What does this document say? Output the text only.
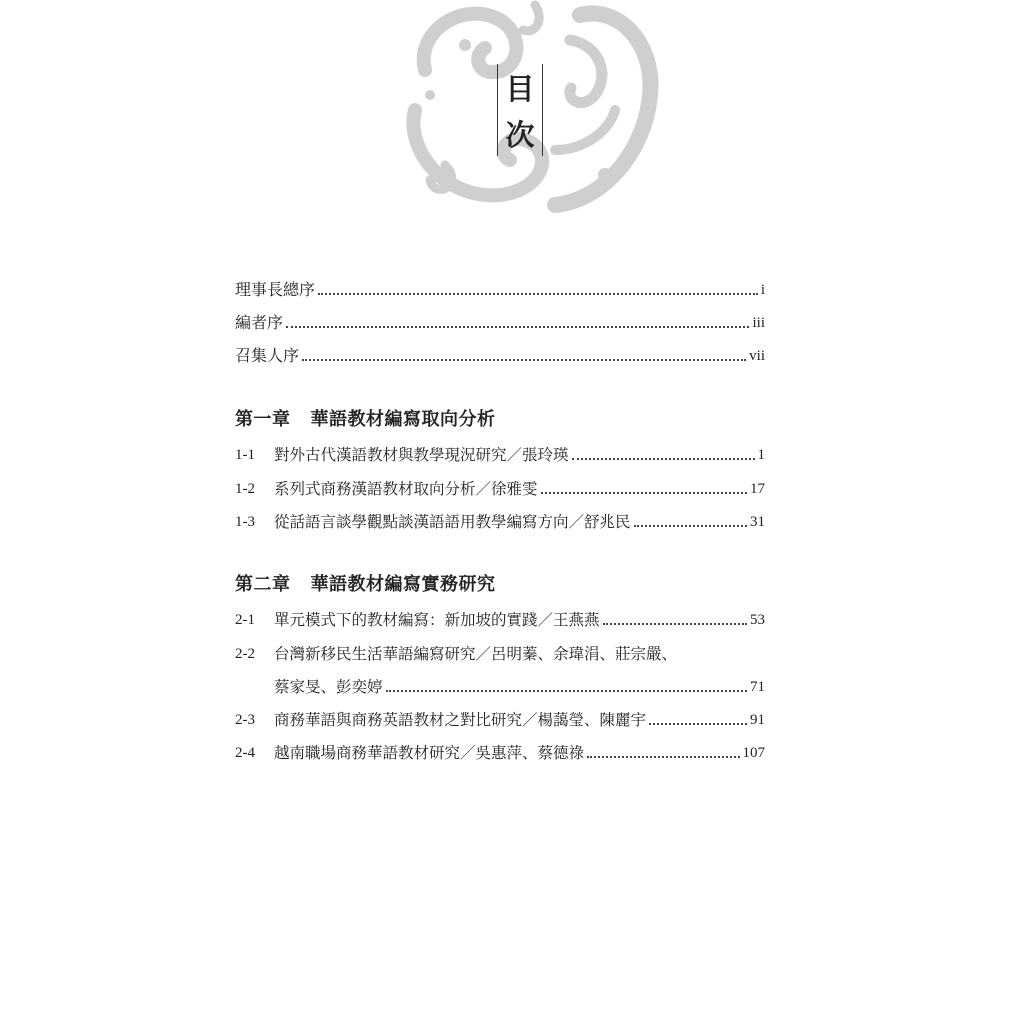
目
次
理事長總序	i
編者序	iii
召集人序	vii
第一章 華語教材編寫取向分析
1-1	對外古代漢語教材與教學現況研究／張玲瑛	1
1-2	系列式商務漢語教材取向分析／徐雅雯	17
1-3	從話語言談學觀點談漢語語用教學編寫方向／舒兆民	31
第二章 華語教材編寫實務研究
2-1	單元模式下的教材編寫：新加坡的實踐／王燕燕	53
2-2	台灣新移民生活華語編寫研究／呂明蓁、余瑋涓、莊宗嚴、
蔡家旻、彭奕婷	71
2-3	商務華語與商務英語教材之對比研究／楊藹瑩、陳麗宇	91
2-4	越南職場商務華語教材研究／吳惠萍、蔡德祿	107
